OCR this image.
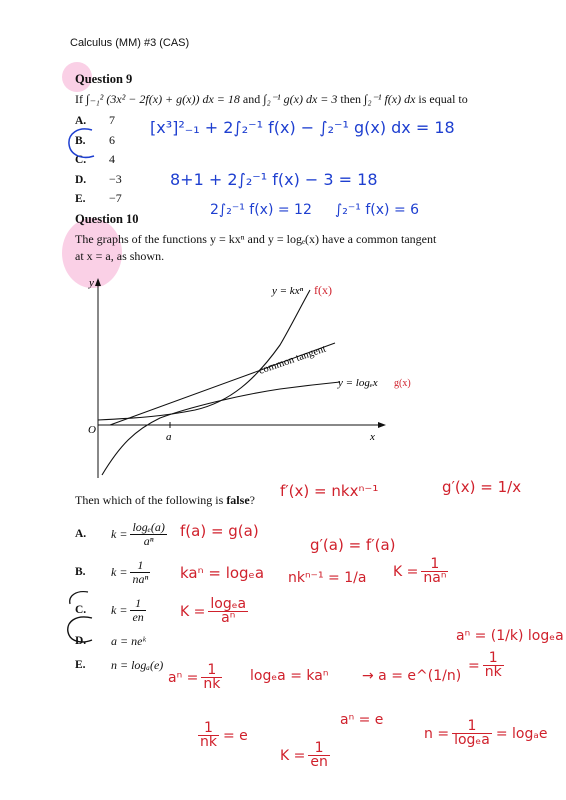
Calculus (MM) #3 (CAS)
Question 9
If ∫₋₁² (3x² − 2f(x) + g(x)) dx = 18 and ∫₂⁻¹ g(x) dx = 3 then ∫₂⁻¹ f(x) dx is equal to
A. 7
B. 6
C. 4
D. −3
E. −7
[x³]²₋₁ + 2∫₂⁻¹ f(x) − ∫₂⁻¹ g(x) dx = 18
8+1 + 2∫₂⁻¹ f(x) − 3 = 18
2∫₂⁻¹ f(x) = 12 ∫₂⁻¹ f(x) = 6
Question 10
The graphs of the functions y = kxⁿ and y = logₑ(x) have a common tangent
at x = a, as shown.
a
O
y
x
y = kxⁿ
y = logₑx
common tangent
f(x)
g(x)
Then which of the following is false?
A.	$k = \frac{\text{logₑ(a)}}{\text{aⁿ}}$
B.	$k = \frac{1}{\text{naⁿ}}$
C.	$k = \frac{1}{en}$
D.	a = neᵏ
E.	n = logₐ(e)
f′(x) = nkxⁿ⁻¹	g′(x) = 1/x
f(a) = g(a)
g′(a) = f′(a)
kaⁿ = logₑa nkⁿ⁻¹ = 1/a $K = \frac{1}{\text{naⁿ}}$
$K = \frac{\text{logₑa}}{\text{aⁿ}}$
aⁿ = (1/k) logₑa
= $\frac{1}{nk}$
$a^n = \frac{1}{nk}$ logₑa = kaⁿ → a = e^(1/n)
aⁿ = e
$\frac{1}{nk} = e$
$K = \frac{1}{en}$
$n = \frac{1}{\text{logₑa}} = \log_ae$
